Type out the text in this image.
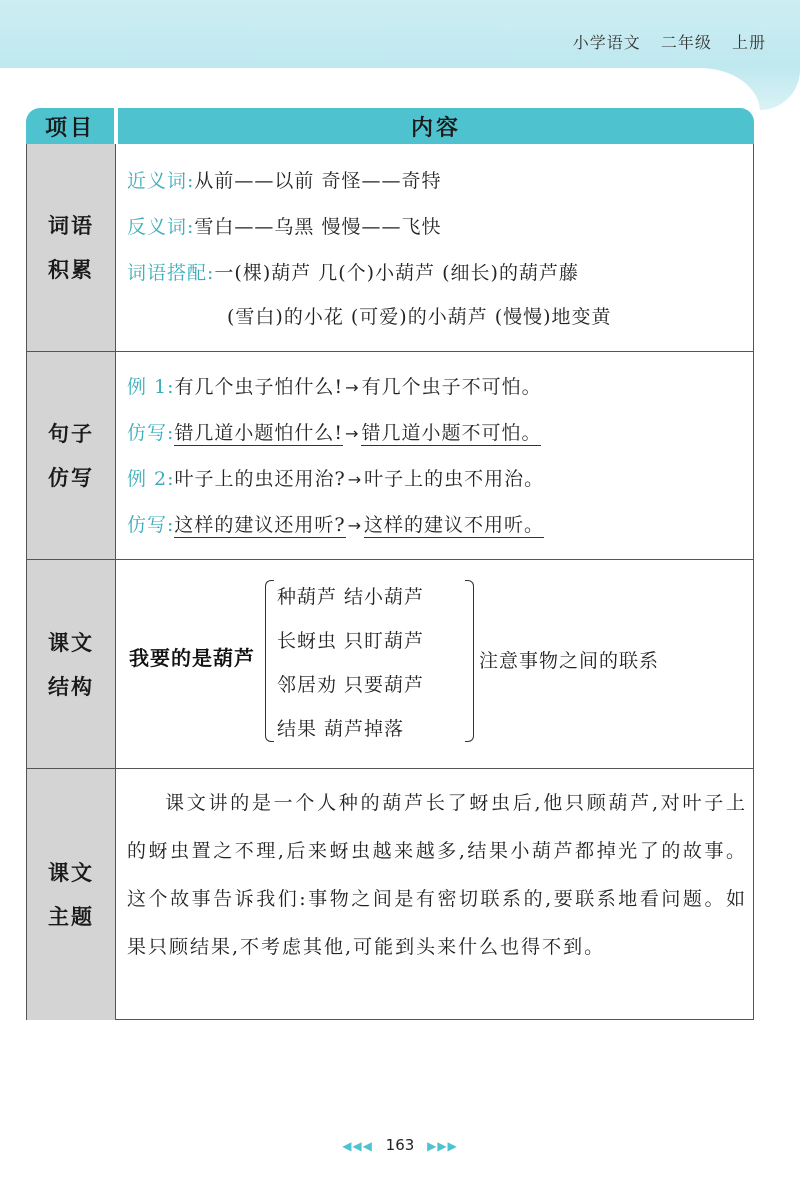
小学语文 二年级 上册
项目	内容
词语
积累
近义词:从前——以前 奇怪——奇特
反义词:雪白——乌黑 慢慢——飞快
词语搭配:一(棵)葫芦 几(个)小葫芦 (细长)的葫芦藤
(雪白)的小花 (可爱)的小葫芦 (慢慢)地变黄
句子
仿写
例 1:有几个虫子怕什么! → 有几个虫子不可怕。
仿写:错几道小题怕什么! → 错几道小题不可怕。
例 2:叶子上的虫还用治? → 叶子上的虫不用治。
仿写:这样的建议还用听? → 这样的建议不用听。
课文
结构
我要的是葫芦
种葫芦 结小葫芦
长蚜虫 只盯葫芦
邻居劝 只要葫芦
结果 葫芦掉落
注意事物之间的联系
课文
主题
课文讲的是一个人种的葫芦长了蚜虫后,他只顾葫芦,对叶子上的蚜虫置之不理,后来蚜虫越来越多,结果小葫芦都掉光了的故事。这个故事告诉我们:事物之间是有密切联系的,要联系地看问题。如果只顾结果,不考虑其他,可能到头来什么也得不到。
◀◀◀ 163 ▶▶▶
